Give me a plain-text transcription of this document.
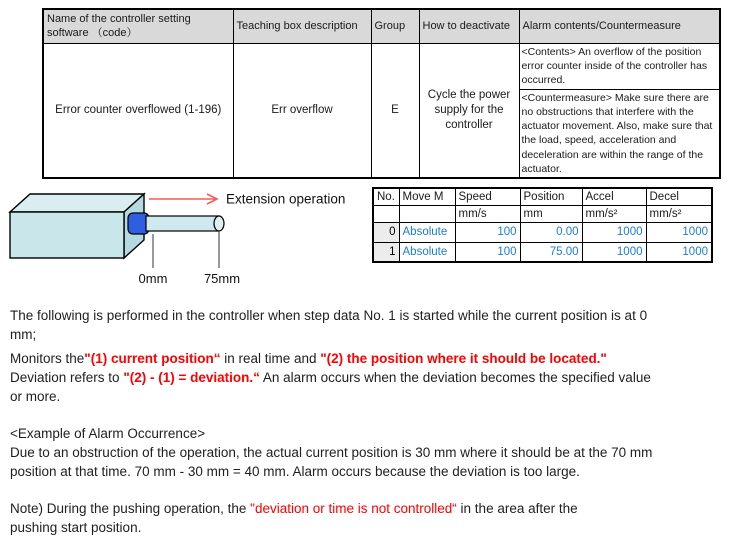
Name of the controller setting software （code）	Teaching box description	Group	How to deactivate	Alarm contents/Countermeasure
Error counter overflowed (1-196)	Err overflow	E	Cycle the power supply for the controller	<Contents> An overflow of the position error counter inside of the controller has occurred.
				<Countermeasure> Make sure there are no obstructions that interfere with the actuator movement. Also, make sure that the load, speed, acceleration and deceleration are within the range of the actuator.
Extension operation
0mm	75mm
No.	Move M	Speed	Position	Accel	Decel
		mm/s	mm	mm/s²	mm/s²
0	Absolute	100	0.00	1000	1000
1	Absolute	100	75.00	1000	1000
The following is performed in the controller when step data No. 1 is started while the current position is at 0
mm;
Monitors the"(1) current position“ in real time and "(2) the position where it should be located."
Deviation refers to "(2) - (1) = deviation.“ An alarm occurs when the deviation becomes the specified value
or more.
<Example of Alarm Occurrence>
Due to an obstruction of the operation, the actual current position is 30 mm where it should be at the 70 mm
position at that time. 70 mm - 30 mm = 40 mm. Alarm occurs because the deviation is too large.
Note) During the pushing operation, the "deviation or time is not controlled“ in the area after the
pushing start position.
